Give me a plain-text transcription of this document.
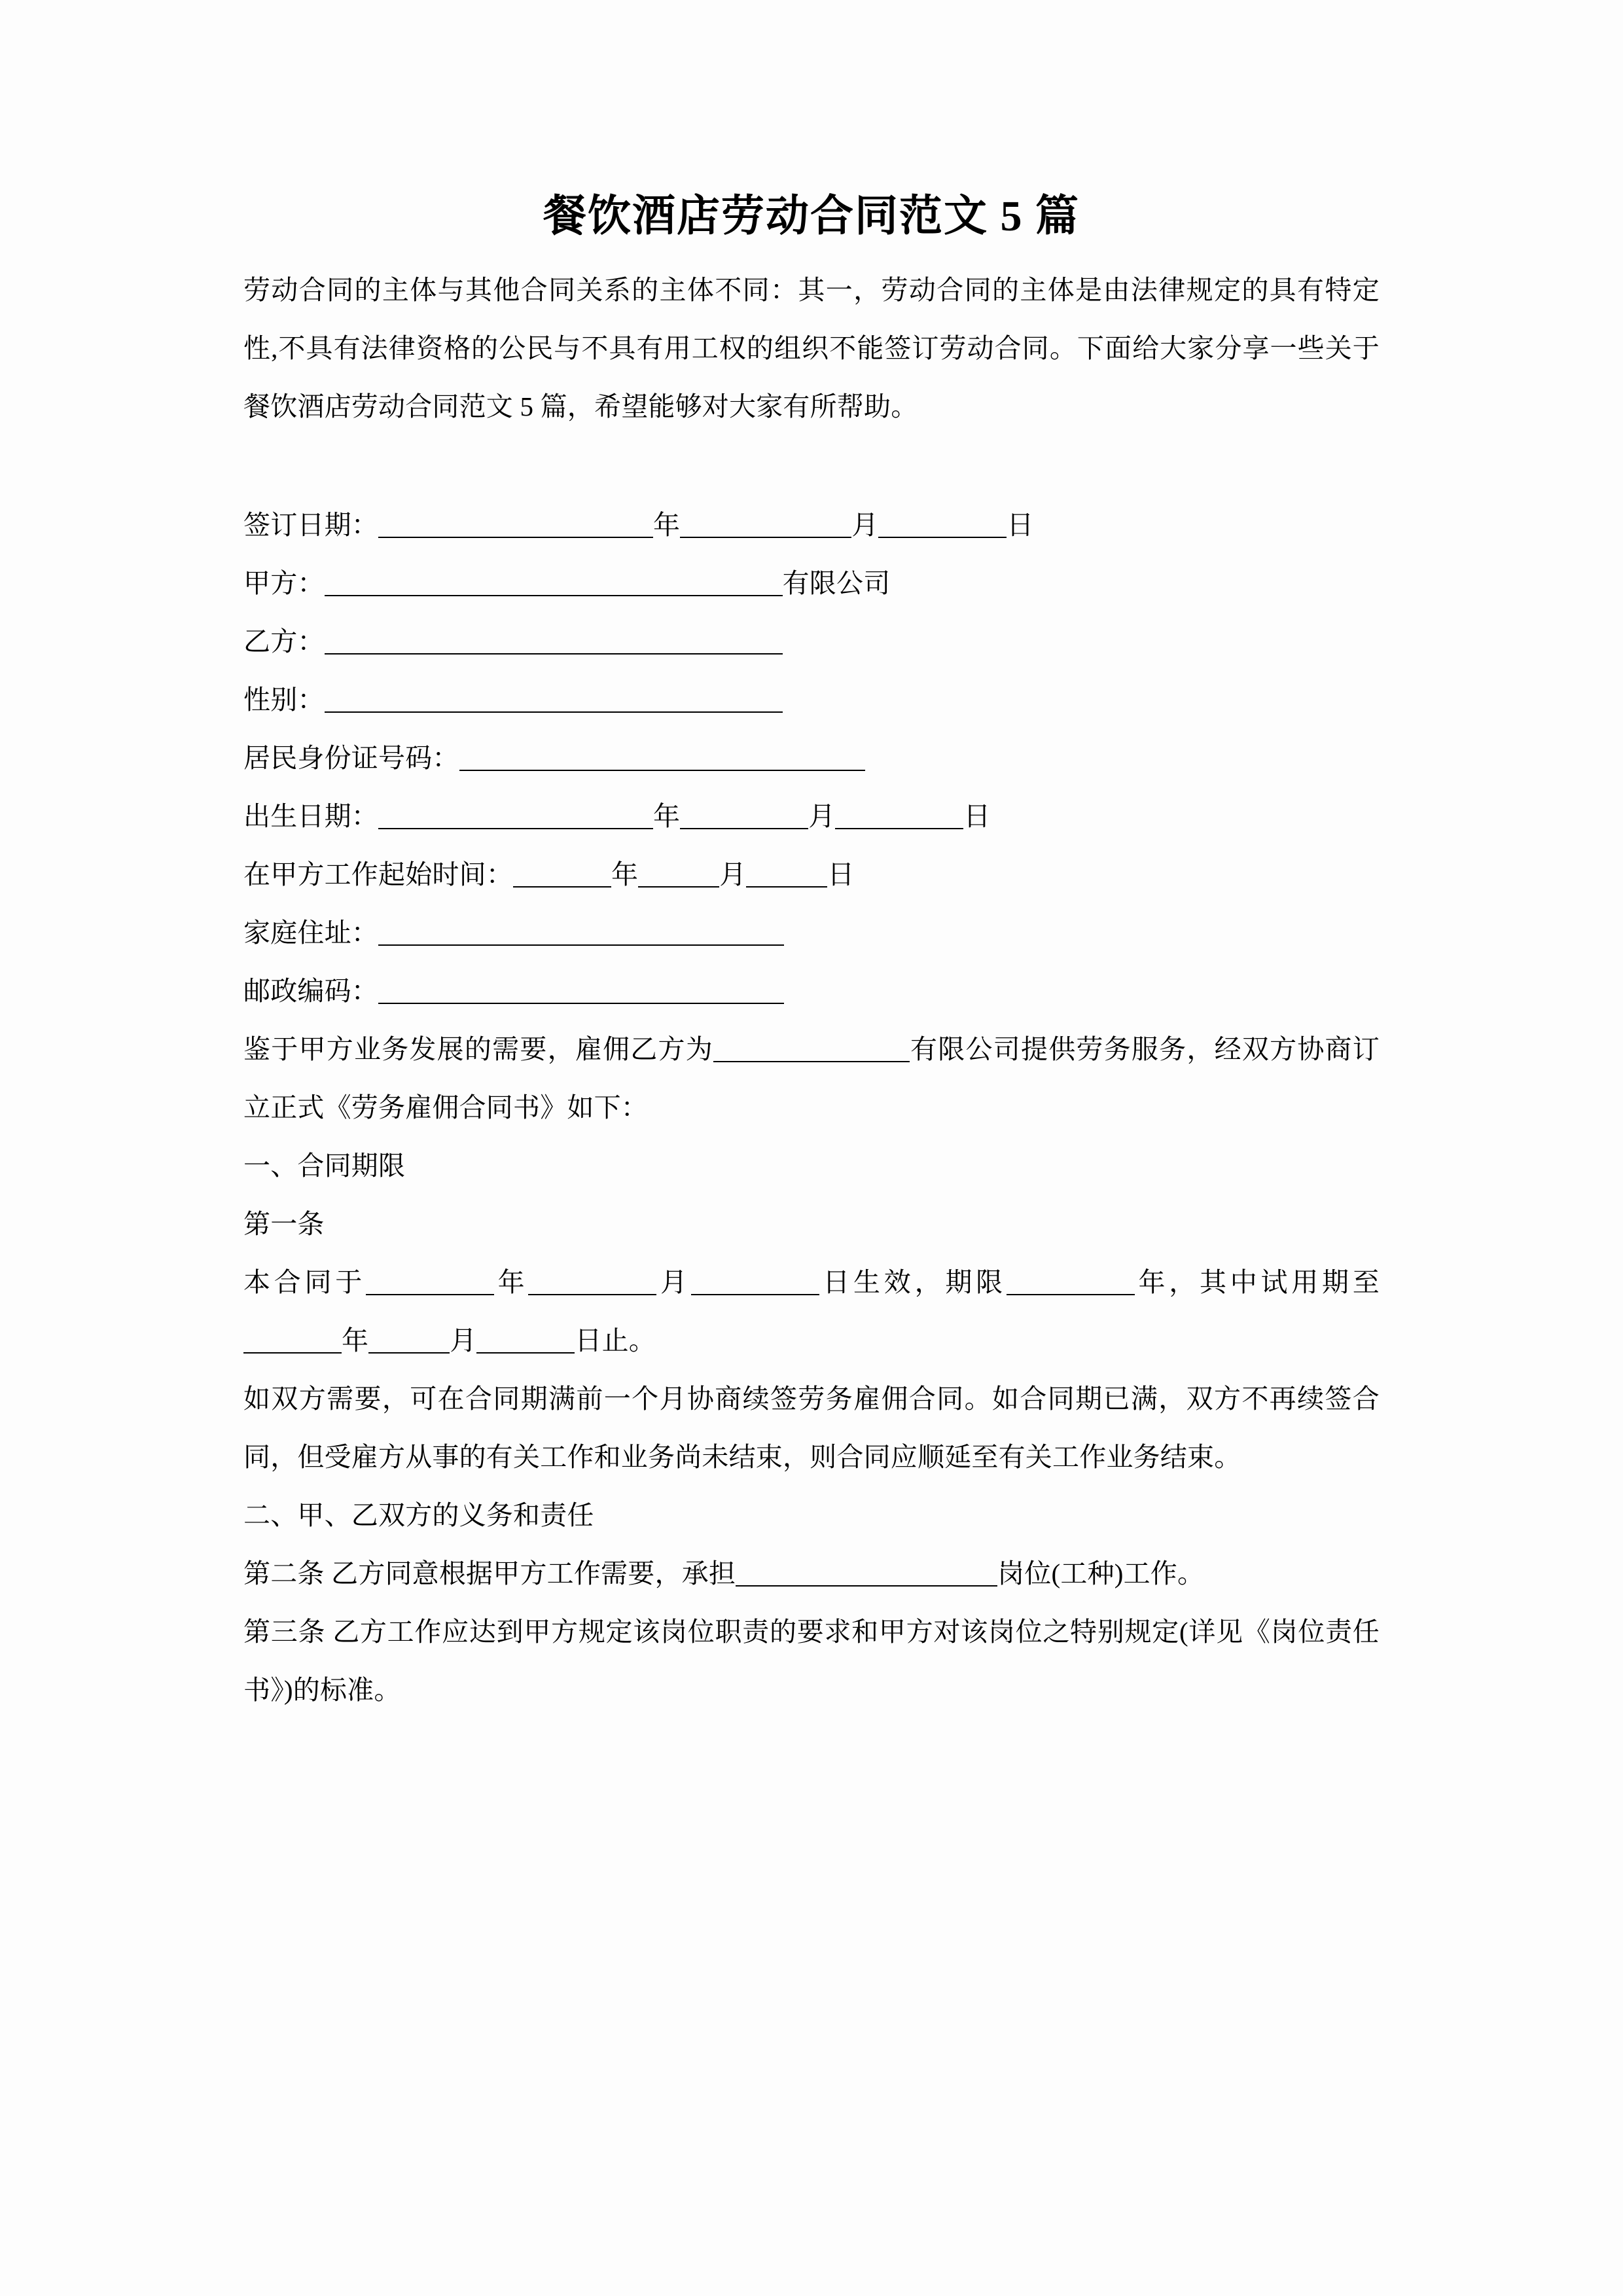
餐饮酒店劳动合同范文 5 篇

劳动合同的主体与其他合同关系的主体不同：其一，劳动合同的主体是由法律规定的具有特定性,不具有法律资格的公民与不具有用工权的组织不能签订劳动合同。下面给大家分享一些关于餐饮酒店劳动合同范文 5 篇，希望能够对大家有所帮助。

签订日期：	年	月	日

甲方：	有限公司

乙方：

性别：

居民身份证号码：

出生日期：	年	月	日

在甲方工作起始时间：	年	月	日

家庭住址：

邮政编码：

鉴于甲方业务发展的需要，雇佣乙方为	有限公司提供劳务服务，经双方协商订立正式《劳务雇佣合同书》如下：

一、合同期限

第一条

本合同于	年	月	日生效，期限	年，其中试用期至年	月	日止。

如双方需要，可在合同期满前一个月协商续签劳务雇佣合同。如合同期已满，双方不再续签合同，但受雇方从事的有关工作和业务尚未结束，则合同应顺延至有关工作业务结束。

二、甲、乙双方的义务和责任

第二条 乙方同意根据甲方工作需要，承担	岗位(工种)工作。

第三条 乙方工作应达到甲方规定该岗位职责的要求和甲方对该岗位之特别规定(详见《岗位责任书》)的标准。
